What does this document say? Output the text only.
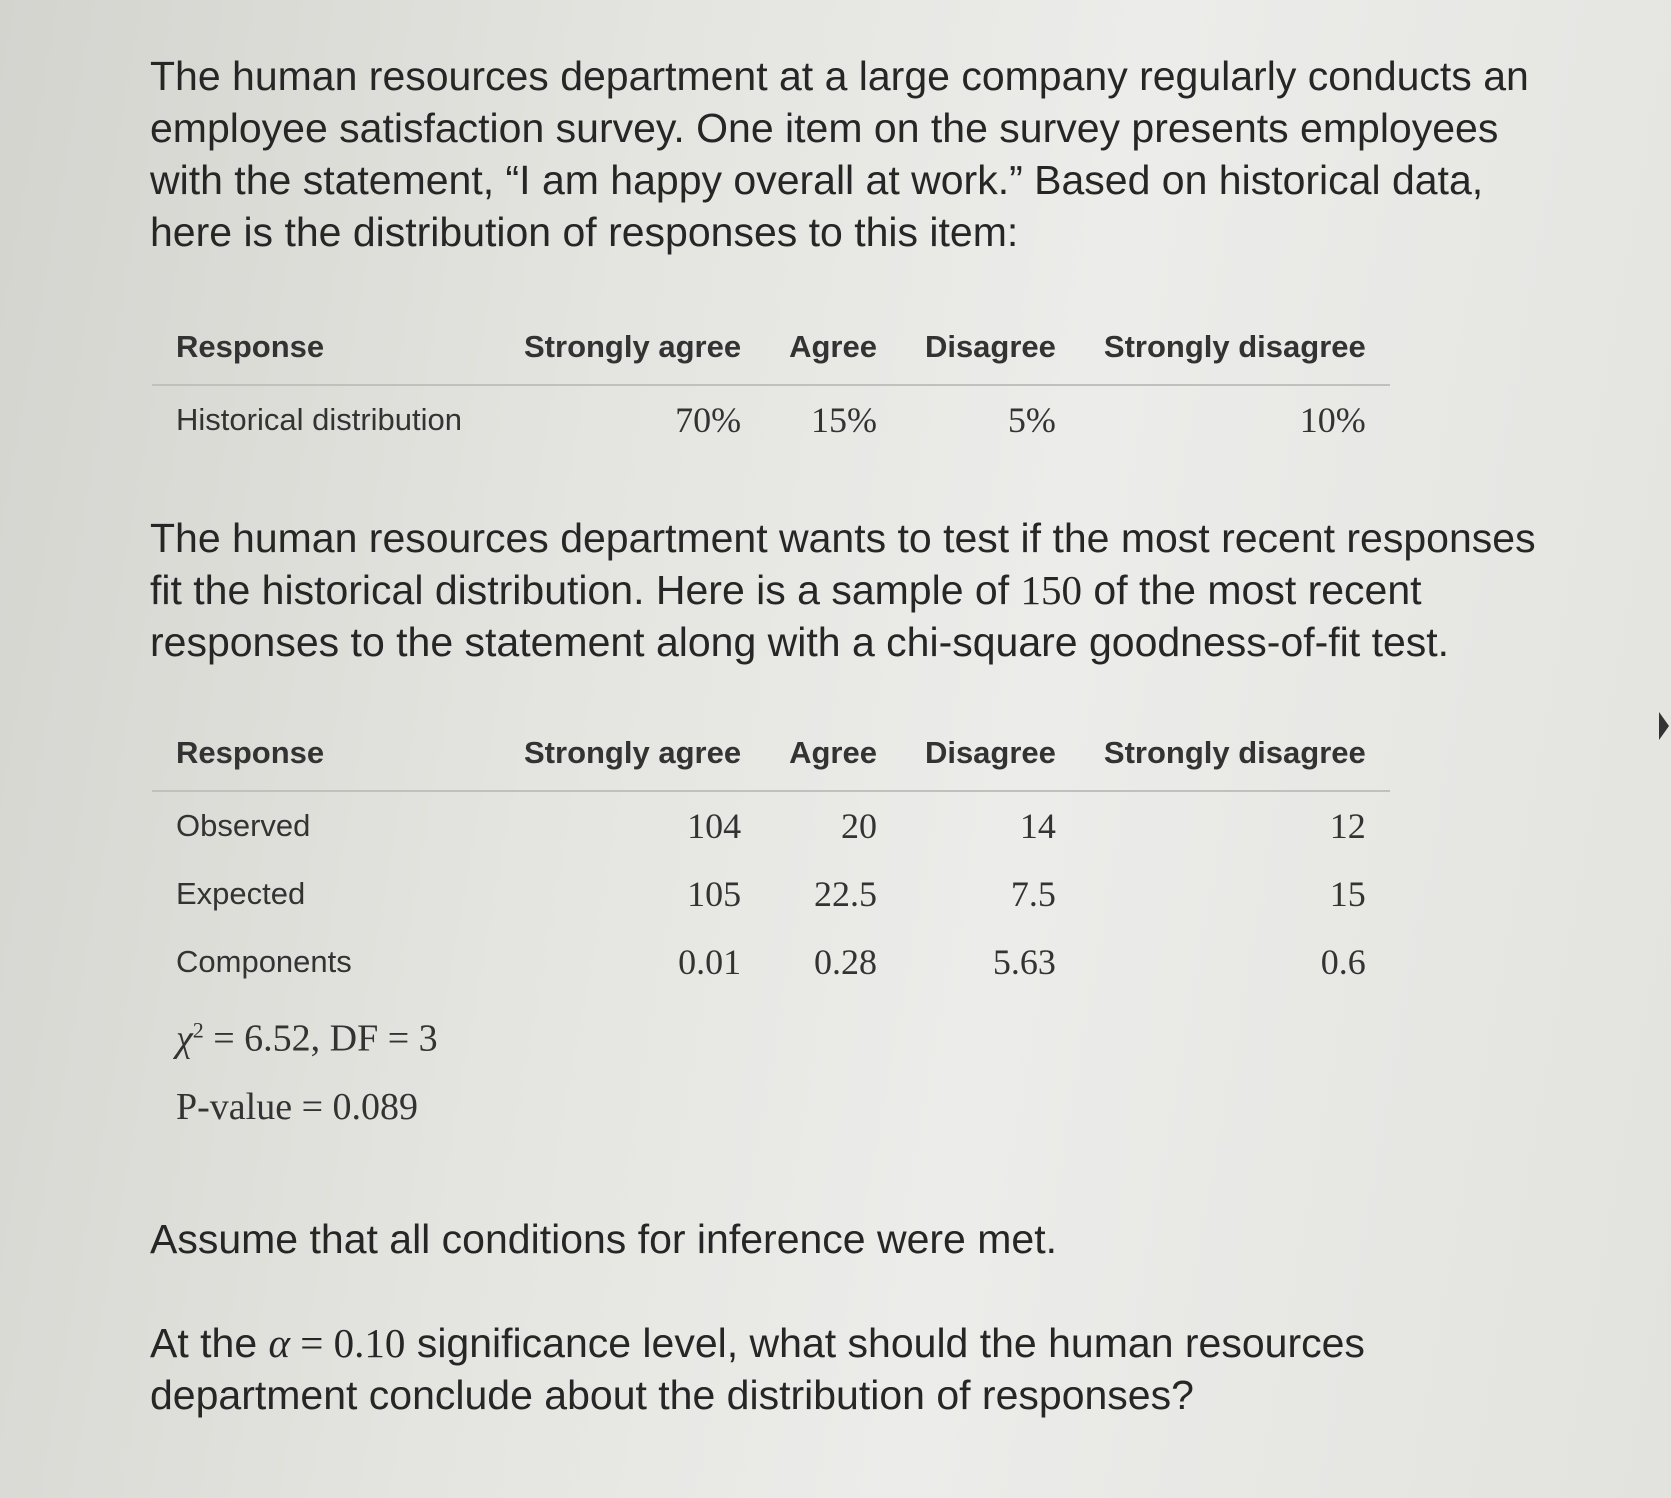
The human resources department at a large company regularly conducts an employee satisfaction survey. One item on the survey presents employees with the statement, “I am happy overall at work.” Based on historical data, here is the distribution of responses to this item:

Response	Strongly agree	Agree	Disagree	Strongly disagree
Historical distribution	70%	15%	5%	10%

The human resources department wants to test if the most recent responses fit the historical distribution. Here is a sample of 150 of the most recent responses to the statement along with a chi-square goodness-of-fit test.

Response	Strongly agree	Agree	Disagree	Strongly disagree
Observed	104	20	14	12
Expected	105	22.5	7.5	15
Components	0.01	0.28	5.63	0.6
$\chi^2 = 6.52$, DF = 3
P-value = 0.089

Assume that all conditions for inference were met.

At the α = 0.10 significance level, what should the human resources department conclude about the distribution of responses?
